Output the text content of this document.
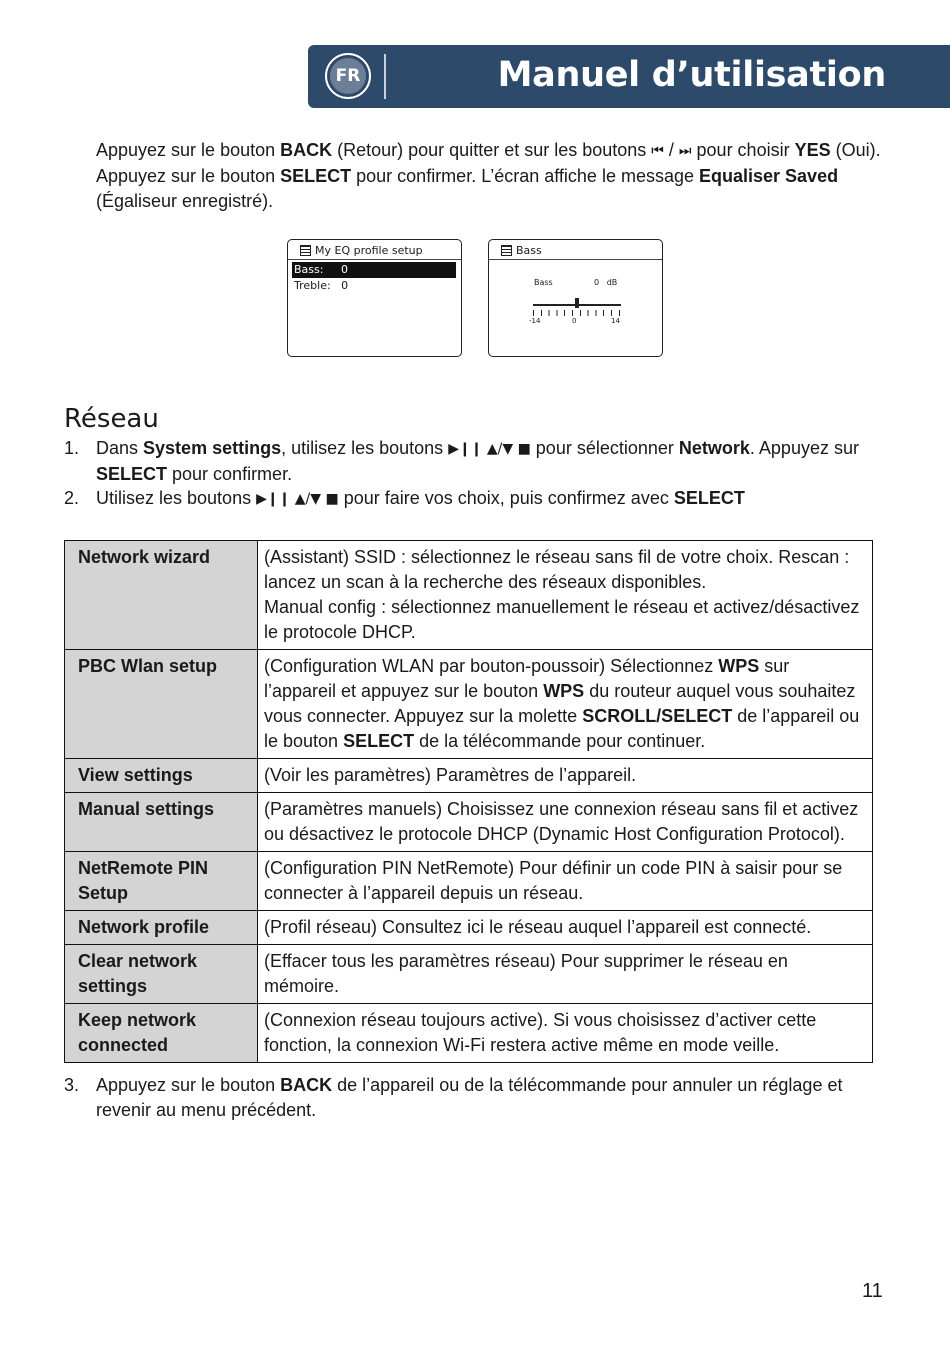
FR	Manuel d’utilisation

Appuyez sur le bouton BACK (Retour) pour quitter et sur les boutons ⏮ / ⏭ pour choisir YES (Oui). Appuyez sur le bouton SELECT pour confirmer. L’écran affiche le message Equaliser Saved (Égaliseur enregistré).

My EQ profile setup
Bass:     0
Treble:   0
Bass
Bass	0   dB
-14	0	14
Réseau
1. Dans System settings, utilisez les boutons ▶❙❙ ▲/▼ ■ pour sélectionner Network. Appuyez sur SELECT pour confirmer.
2. Utilisez les boutons ▶❙❙ ▲/▼ ■ pour faire vos choix, puis confirmez avec SELECT
Network wizard	(Assistant) SSID : sélectionnez le réseau sans fil de votre choix. Rescan : lancez un scan à la recherche des réseaux disponibles.
Manual config : sélectionnez manuellement le réseau et activez/désactivez le protocole DHCP.

PBC Wlan setup	(Configuration WLAN par bouton-poussoir) Sélectionnez WPS sur l’appareil et appuyez sur le bouton WPS du routeur auquel vous souhaitez vous connecter. Appuyez sur la molette SCROLL/SELECT de l’appareil ou le bouton SELECT de la télécommande pour continuer.
View settings	(Voir les paramètres) Paramètres de l’appareil.
Manual settings	(Paramètres manuels) Choisissez une connexion réseau sans fil et activez ou désactivez le protocole DHCP (Dynamic Host Configuration Protocol).
NetRemote PIN Setup	(Configuration PIN NetRemote) Pour définir un code PIN à saisir pour se connecter à l’appareil depuis un réseau.
Network profile	(Profil réseau) Consultez ici le réseau auquel l’appareil est connecté.
Clear network settings	(Effacer tous les paramètres réseau) Pour supprimer le réseau en mémoire.
Keep network connected	(Connexion réseau toujours active). Si vous choisissez d’activer cette fonction, la connexion Wi-Fi restera active même en mode veille.
3. Appuyez sur le bouton BACK de l’appareil ou de la télécommande pour annuler un réglage et revenir au menu précédent.
11
